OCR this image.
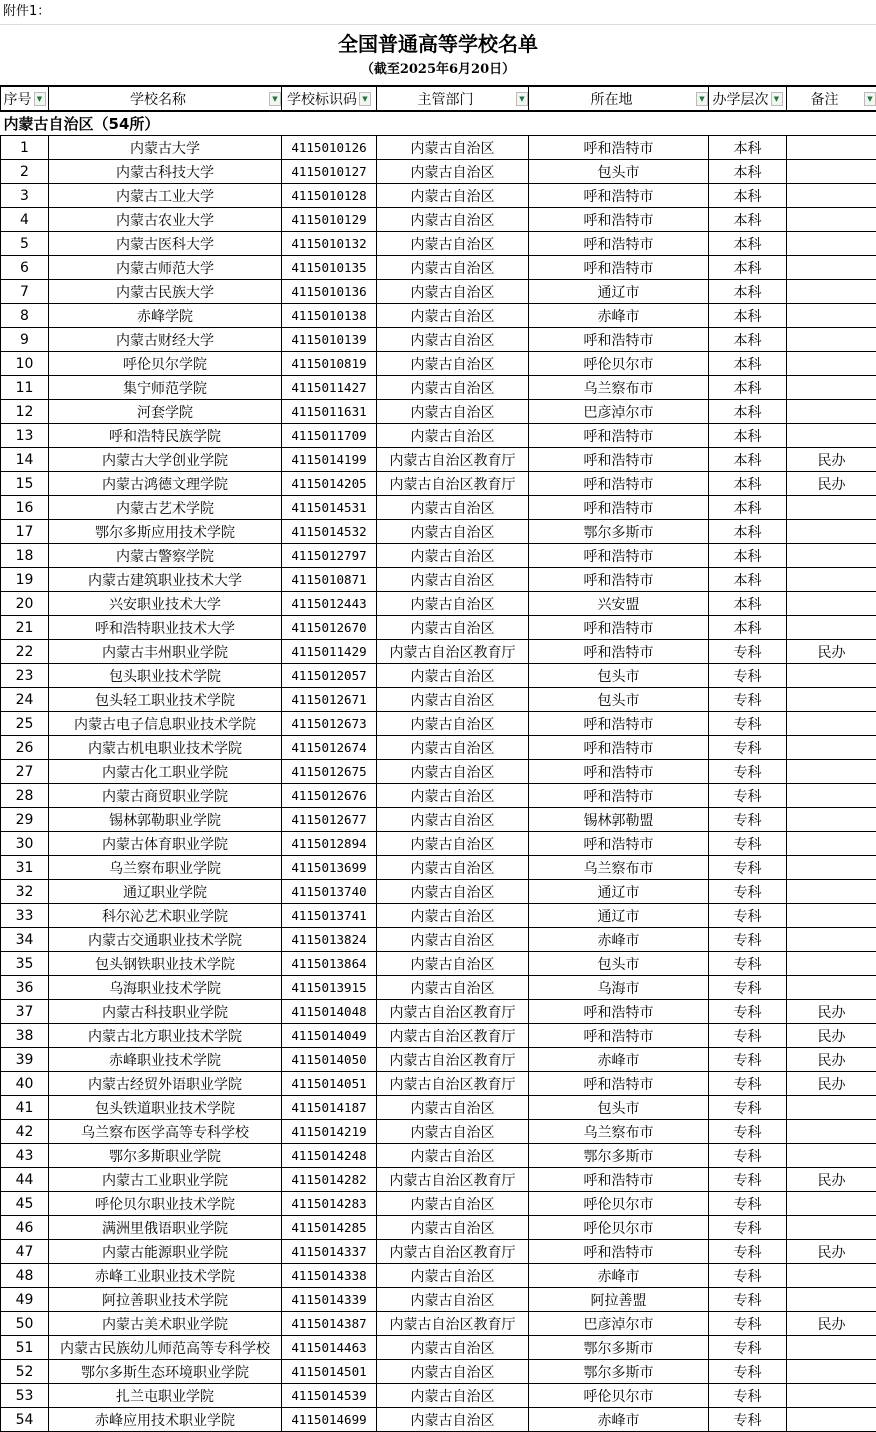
附件1：
全国普通高等学校名单
（截至2025年6月20日）
序号 ▼	学校名称 ▼	学校标识码 ▼	主管部门 ▼	所在地 ▼	办学层次 ▼	备注 ▼

内蒙古自治区（54所）						
1	内蒙古大学	4115010126	内蒙古自治区	呼和浩特市	本科	
2	内蒙古科技大学	4115010127	内蒙古自治区	包头市	本科	
3	内蒙古工业大学	4115010128	内蒙古自治区	呼和浩特市	本科	
4	内蒙古农业大学	4115010129	内蒙古自治区	呼和浩特市	本科	
5	内蒙古医科大学	4115010132	内蒙古自治区	呼和浩特市	本科	
6	内蒙古师范大学	4115010135	内蒙古自治区	呼和浩特市	本科	
7	内蒙古民族大学	4115010136	内蒙古自治区	通辽市	本科	
8	赤峰学院	4115010138	内蒙古自治区	赤峰市	本科	
9	内蒙古财经大学	4115010139	内蒙古自治区	呼和浩特市	本科	
10	呼伦贝尔学院	4115010819	内蒙古自治区	呼伦贝尔市	本科	
11	集宁师范学院	4115011427	内蒙古自治区	乌兰察布市	本科	
12	河套学院	4115011631	内蒙古自治区	巴彦淖尔市	本科	
13	呼和浩特民族学院	4115011709	内蒙古自治区	呼和浩特市	本科	
14	内蒙古大学创业学院	4115014199	内蒙古自治区教育厅	呼和浩特市	本科	民办
15	内蒙古鸿德文理学院	4115014205	内蒙古自治区教育厅	呼和浩特市	本科	民办
16	内蒙古艺术学院	4115014531	内蒙古自治区	呼和浩特市	本科	
17	鄂尔多斯应用技术学院	4115014532	内蒙古自治区	鄂尔多斯市	本科	
18	内蒙古警察学院	4115012797	内蒙古自治区	呼和浩特市	本科	
19	内蒙古建筑职业技术大学	4115010871	内蒙古自治区	呼和浩特市	本科	
20	兴安职业技术大学	4115012443	内蒙古自治区	兴安盟	本科	
21	呼和浩特职业技术大学	4115012670	内蒙古自治区	呼和浩特市	本科	
22	内蒙古丰州职业学院	4115011429	内蒙古自治区教育厅	呼和浩特市	专科	民办
23	包头职业技术学院	4115012057	内蒙古自治区	包头市	专科	
24	包头轻工职业技术学院	4115012671	内蒙古自治区	包头市	专科	
25	内蒙古电子信息职业技术学院	4115012673	内蒙古自治区	呼和浩特市	专科	
26	内蒙古机电职业技术学院	4115012674	内蒙古自治区	呼和浩特市	专科	
27	内蒙古化工职业学院	4115012675	内蒙古自治区	呼和浩特市	专科	
28	内蒙古商贸职业学院	4115012676	内蒙古自治区	呼和浩特市	专科	
29	锡林郭勒职业学院	4115012677	内蒙古自治区	锡林郭勒盟	专科	
30	内蒙古体育职业学院	4115012894	内蒙古自治区	呼和浩特市	专科	
31	乌兰察布职业学院	4115013699	内蒙古自治区	乌兰察布市	专科	
32	通辽职业学院	4115013740	内蒙古自治区	通辽市	专科	
33	科尔沁艺术职业学院	4115013741	内蒙古自治区	通辽市	专科	
34	内蒙古交通职业技术学院	4115013824	内蒙古自治区	赤峰市	专科	
35	包头钢铁职业技术学院	4115013864	内蒙古自治区	包头市	专科	
36	乌海职业技术学院	4115013915	内蒙古自治区	乌海市	专科	
37	内蒙古科技职业学院	4115014048	内蒙古自治区教育厅	呼和浩特市	专科	民办
38	内蒙古北方职业技术学院	4115014049	内蒙古自治区教育厅	呼和浩特市	专科	民办
39	赤峰职业技术学院	4115014050	内蒙古自治区教育厅	赤峰市	专科	民办
40	内蒙古经贸外语职业学院	4115014051	内蒙古自治区教育厅	呼和浩特市	专科	民办
41	包头铁道职业技术学院	4115014187	内蒙古自治区	包头市	专科	
42	乌兰察布医学高等专科学校	4115014219	内蒙古自治区	乌兰察布市	专科	
43	鄂尔多斯职业学院	4115014248	内蒙古自治区	鄂尔多斯市	专科	
44	内蒙古工业职业学院	4115014282	内蒙古自治区教育厅	呼和浩特市	专科	民办
45	呼伦贝尔职业技术学院	4115014283	内蒙古自治区	呼伦贝尔市	专科	
46	满洲里俄语职业学院	4115014285	内蒙古自治区	呼伦贝尔市	专科	
47	内蒙古能源职业学院	4115014337	内蒙古自治区教育厅	呼和浩特市	专科	民办
48	赤峰工业职业技术学院	4115014338	内蒙古自治区	赤峰市	专科	
49	阿拉善职业技术学院	4115014339	内蒙古自治区	阿拉善盟	专科	
50	内蒙古美术职业学院	4115014387	内蒙古自治区教育厅	巴彦淖尔市	专科	民办
51	内蒙古民族幼儿师范高等专科学校	4115014463	内蒙古自治区	鄂尔多斯市	专科	
52	鄂尔多斯生态环境职业学院	4115014501	内蒙古自治区	鄂尔多斯市	专科	
53	扎兰屯职业学院	4115014539	内蒙古自治区	呼伦贝尔市	专科	
54	赤峰应用技术职业学院	4115014699	内蒙古自治区	赤峰市	专科	
